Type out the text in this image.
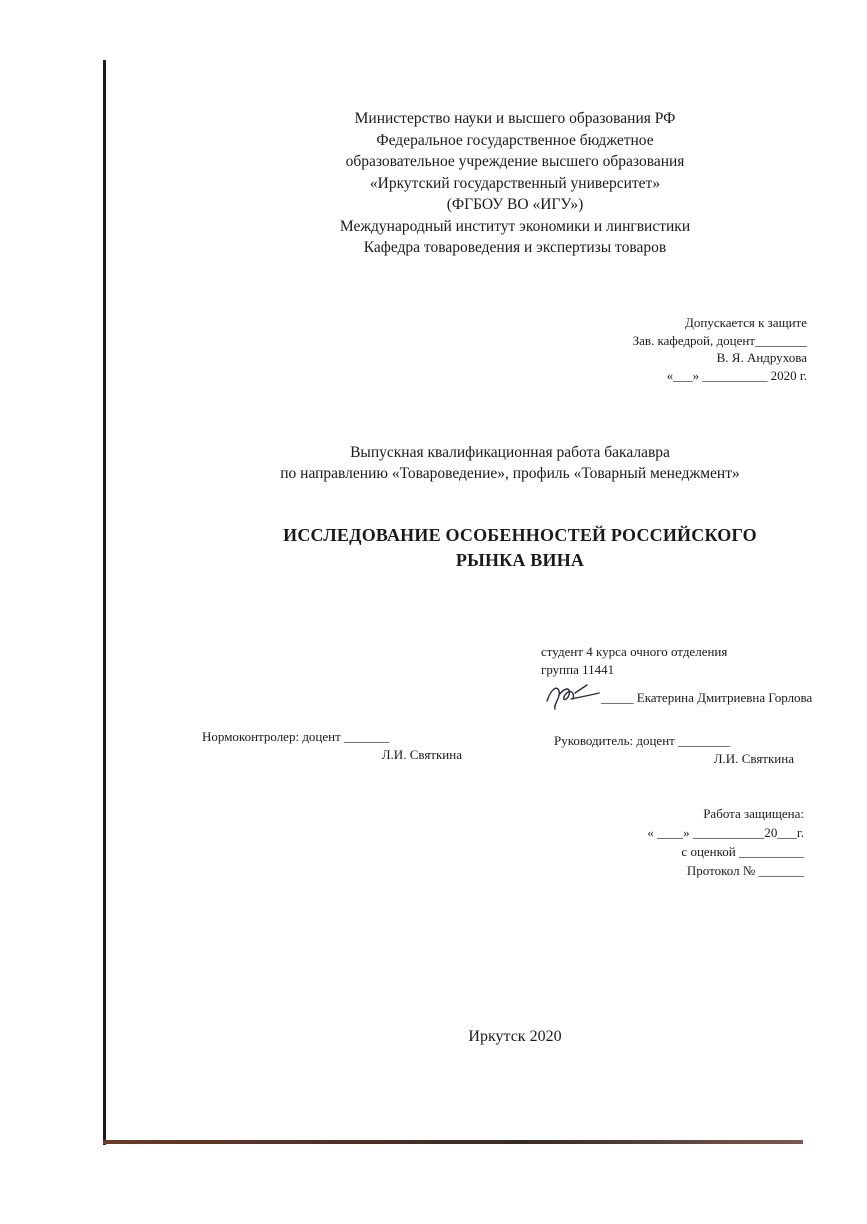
Министерство науки и высшего образования РФ
Федеральное государственное бюджетное
образовательное учреждение высшего образования
«Иркутский государственный университет»
(ФГБОУ ВО «ИГУ»)
Международный институт экономики и лингвистики
Кафедра товароведения и экспертизы товаров
Допускается к защите
Зав. кафедрой, доцент________
В. Я. Андрухова
«___» __________ 2020 г.
Выпускная квалификационная работа бакалавра
по направлению «Товароведение», профиль «Товарный менеджмент»
ИССЛЕДОВАНИЕ ОСОБЕННОСТЕЙ РОССИЙСКОГО
РЫНКА ВИНА
студент 4 курса очного отделения
группа 11441
_____ Екатерина Дмитриевна Горлова
Нормоконтролер: доцент _______
Л.И. Святкина
Руководитель: доцент ________
Л.И. Святкина
Работа защищена:
« ____» ___________20___г.
с оценкой __________
Протокол № _______
Иркутск 2020
